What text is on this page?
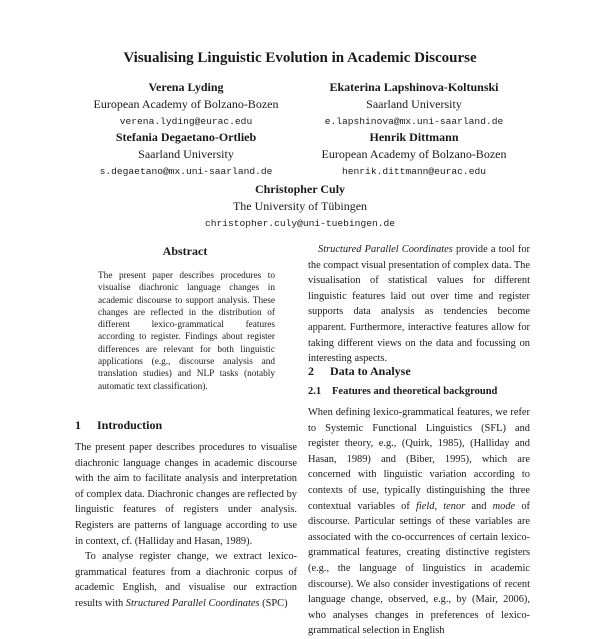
Visualising Linguistic Evolution in Academic Discourse
Verena Lyding
European Academy of Bolzano-Bozen
verena.lyding@eurac.edu
Ekaterina Lapshinova-Koltunski
Saarland University
e.lapshinova@mx.uni-saarland.de
Stefania Degaetano-Ortlieb
Saarland University
s.degaetano@mx.uni-saarland.de
Henrik Dittmann
European Academy of Bolzano-Bozen
henrik.dittmann@eurac.edu
Christopher Culy
The University of Tübingen
christopher.culy@uni-tuebingen.de
Abstract
The present paper describes procedures to visualise diachronic language changes in academic discourse to support analysis. These changes are reflected in the distribution of different lexico-grammatical features according to register. Findings about register differences are relevant for both linguistic applications (e.g., discourse analysis and translation studies) and NLP tasks (notably automatic text classification).
1 Introduction

The present paper describes procedures to visualise diachronic language changes in academic discourse with the aim to facilitate analysis and interpretation of complex data. Diachronic changes are reflected by linguistic features of registers under analysis. Registers are patterns of language according to use in context, cf. (Halliday and Hasan, 1989).

To analyse register change, we extract lexico-grammatical features from a diachronic corpus of academic English, and visualise our extraction results with Structured Parallel Coordinates (SPC)

Structured Parallel Coordinates provide a tool for the compact visual presentation of complex data. The visualisation of statistical values for different linguistic features laid out over time and register supports data analysis as tendencies become apparent. Furthermore, interactive features allow for taking different views on the data and focussing on interesting aspects.
2 Data to Analyse
2.1 Features and theoretical background
When defining lexico-grammatical features, we refer to Systemic Functional Linguistics (SFL) and register theory, e.g., (Quirk, 1985), (Halliday and Hasan, 1989) and (Biber, 1995), which are concerned with linguistic variation according to contexts of use, typically distinguishing the three contextual variables of field, tenor and mode of discourse. Particular settings of these variables are associated with the co-occurrences of certain lexico-grammatical features, creating distinctive registers (e.g., the language of linguistics in academic discourse). We also consider investigations of recent language change, observed, e.g., by (Mair, 2006), who analyses changes in preferences of lexico-grammatical selection in English
